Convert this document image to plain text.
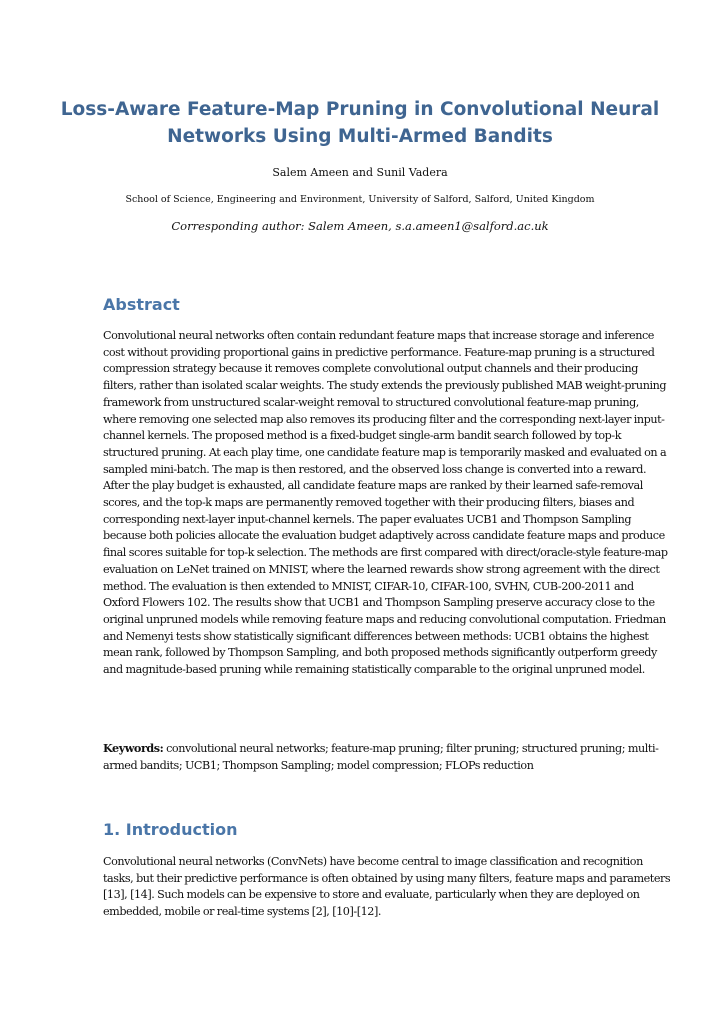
Loss-Aware Feature-Map Pruning in Convolutional Neural Networks Using Multi-Armed Bandits

Salem Ameen and Sunil Vadera

School of Science, Engineering and Environment, University of Salford, Salford, United Kingdom

Corresponding author: Salem Ameen, s.a.ameen1@salford.ac.uk

Abstract

Convolutional neural networks often contain redundant feature maps that increase storage and inference cost without providing proportional gains in predictive performance. Feature-map pruning is a structured compression strategy because it removes complete convolutional output channels and their producing filters, rather than isolated scalar weights. The study extends the previously published MAB weight-pruning framework from unstructured scalar-weight removal to structured convolutional feature-map pruning, where removing one selected map also removes its producing filter and the corresponding next-layer input-channel kernels. The proposed method is a fixed-budget single-arm bandit search followed by top-k structured pruning. At each play time, one candidate feature map is temporarily masked and evaluated on a sampled mini-batch. The map is then restored, and the observed loss change is converted into a reward. After the play budget is exhausted, all candidate feature maps are ranked by their learned safe-removal scores, and the top-k maps are permanently removed together with their producing filters, biases and corresponding next-layer input-channel kernels. The paper evaluates UCB1 and Thompson Sampling because both policies allocate the evaluation budget adaptively across candidate feature maps and produce final scores suitable for top-k selection. The methods are first compared with direct/oracle-style feature-map evaluation on LeNet trained on MNIST, where the learned rewards show strong agreement with the direct method. The evaluation is then extended to MNIST, CIFAR-10, CIFAR-100, SVHN, CUB-200-2011 and Oxford Flowers 102. The results show that UCB1 and Thompson Sampling preserve accuracy close to the original unpruned models while removing feature maps and reducing convolutional computation. Friedman and Nemenyi tests show statistically significant differences between methods: UCB1 obtains the highest mean rank, followed by Thompson Sampling, and both proposed methods significantly outperform greedy and magnitude-based pruning while remaining statistically comparable to the original unpruned model.

Keywords: convolutional neural networks; feature-map pruning; filter pruning; structured pruning; multi-armed bandits; UCB1; Thompson Sampling; model compression; FLOPs reduction

1. Introduction

Convolutional neural networks (ConvNets) have become central to image classification and recognition tasks, but their predictive performance is often obtained by using many filters, feature maps and parameters [13], [14]. Such models can be expensive to store and evaluate, particularly when they are deployed on embedded, mobile or real-time systems [2], [10]-[12].
